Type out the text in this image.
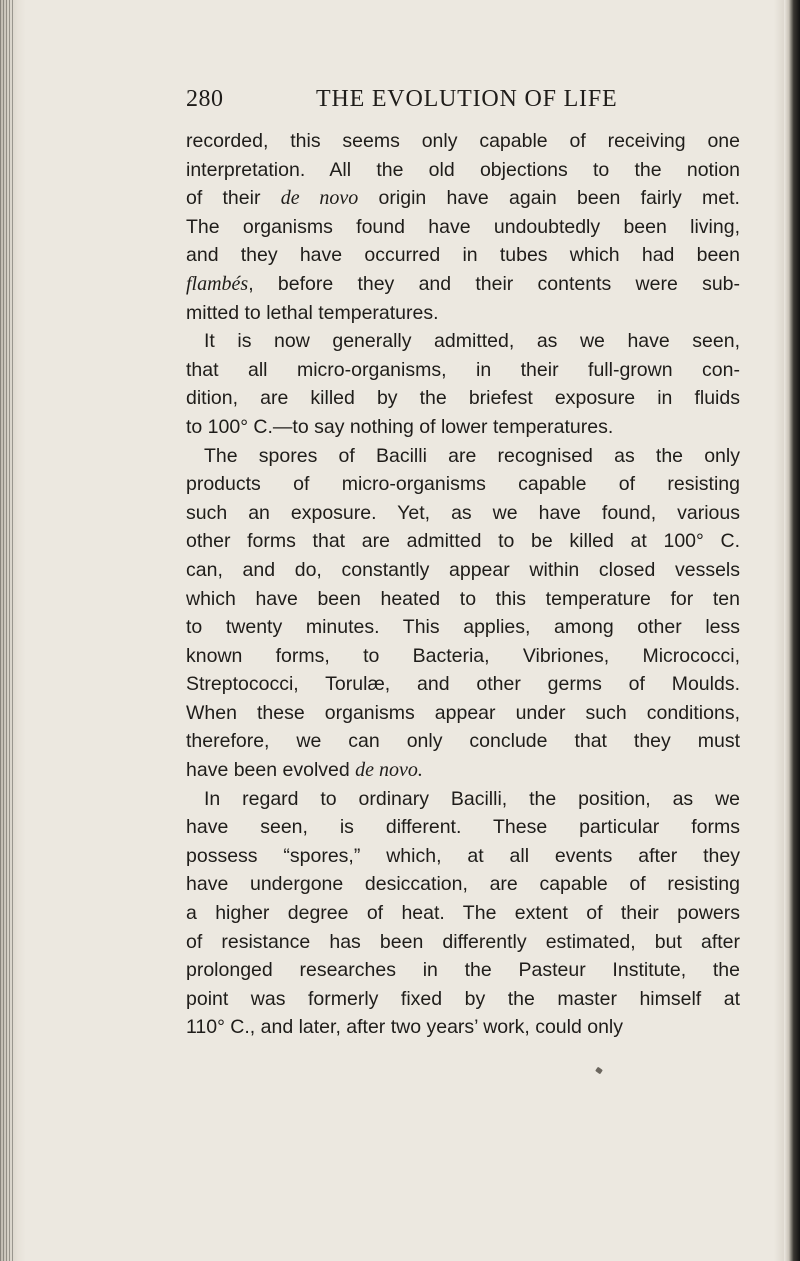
280	THE EVOLUTION OF LIFE
recorded, this seems only capable of receiving one
interpretation. All the old objections to the notion
of their de novo origin have again been fairly met.
The organisms found have undoubtedly been living,
and they have occurred in tubes which had been
flambés, before they and their contents were sub-
mitted to lethal temperatures.
It is now generally admitted, as we have seen,
that all micro-organisms, in their full-grown con-
dition, are killed by the briefest exposure in fluids
to 100° C.—to say nothing of lower temperatures.
The spores of Bacilli are recognised as the only
products of micro-organisms capable of resisting
such an exposure. Yet, as we have found, various
other forms that are admitted to be killed at 100° C.
can, and do, constantly appear within closed vessels
which have been heated to this temperature for ten
to twenty minutes. This applies, among other less
known forms, to Bacteria, Vibriones, Micrococci,
Streptococci, Torulæ, and other germs of Moulds.
When these organisms appear under such conditions,
therefore, we can only conclude that they must
have been evolved de novo.
In regard to ordinary Bacilli, the position, as we
have seen, is different. These particular forms
possess “spores,” which, at all events after they
have undergone desiccation, are capable of resisting
a higher degree of heat. The extent of their powers
of resistance has been differently estimated, but after
prolonged researches in the Pasteur Institute, the
point was formerly fixed by the master himself at
110° C., and later, after two years’ work, could only
